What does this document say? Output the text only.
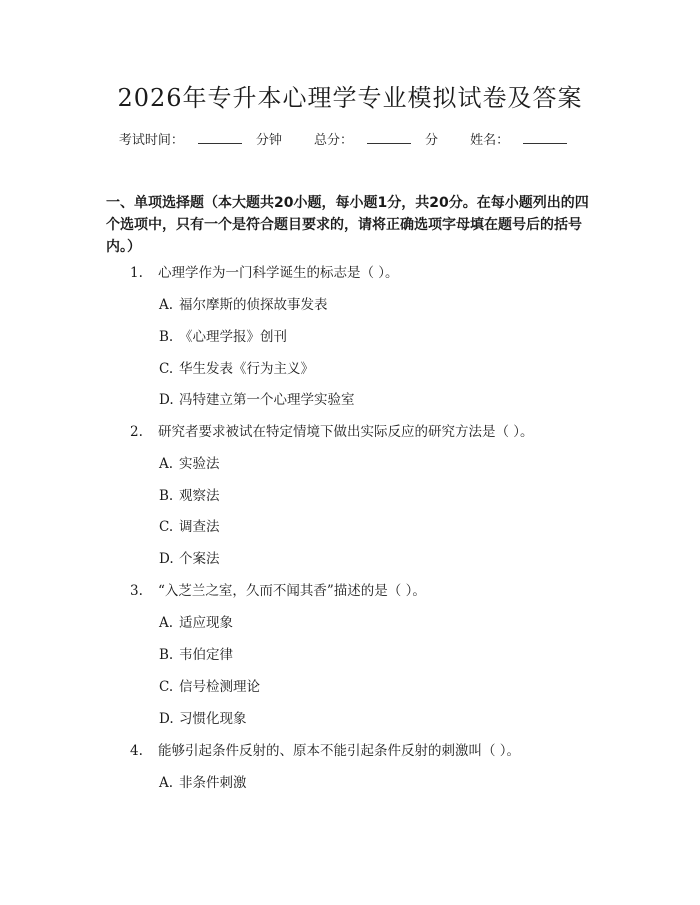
2026年专升本心理学专业模拟试卷及答案
考试时间：	分钟 总分：	分 姓名：
一、单项选择题（本大题共20小题，每小题1分，共20分。在每小题列出的四个选项中，只有一个是符合题目要求的，请将正确选项字母填在题号后的括号内。）
1. 心理学作为一门科学诞生的标志是（ ）。
A. 福尔摩斯的侦探故事发表
B. 《心理学报》创刊
C. 华生发表《行为主义》
D. 冯特建立第一个心理学实验室
2. 研究者要求被试在特定情境下做出实际反应的研究方法是（ ）。
A. 实验法
B. 观察法
C. 调查法
D. 个案法
3. “入芝兰之室，久而不闻其香”描述的是（ ）。
A. 适应现象
B. 韦伯定律
C. 信号检测理论
D. 习惯化现象
4. 能够引起条件反射的、原本不能引起条件反射的刺激叫（ ）。
A. 非条件刺激
